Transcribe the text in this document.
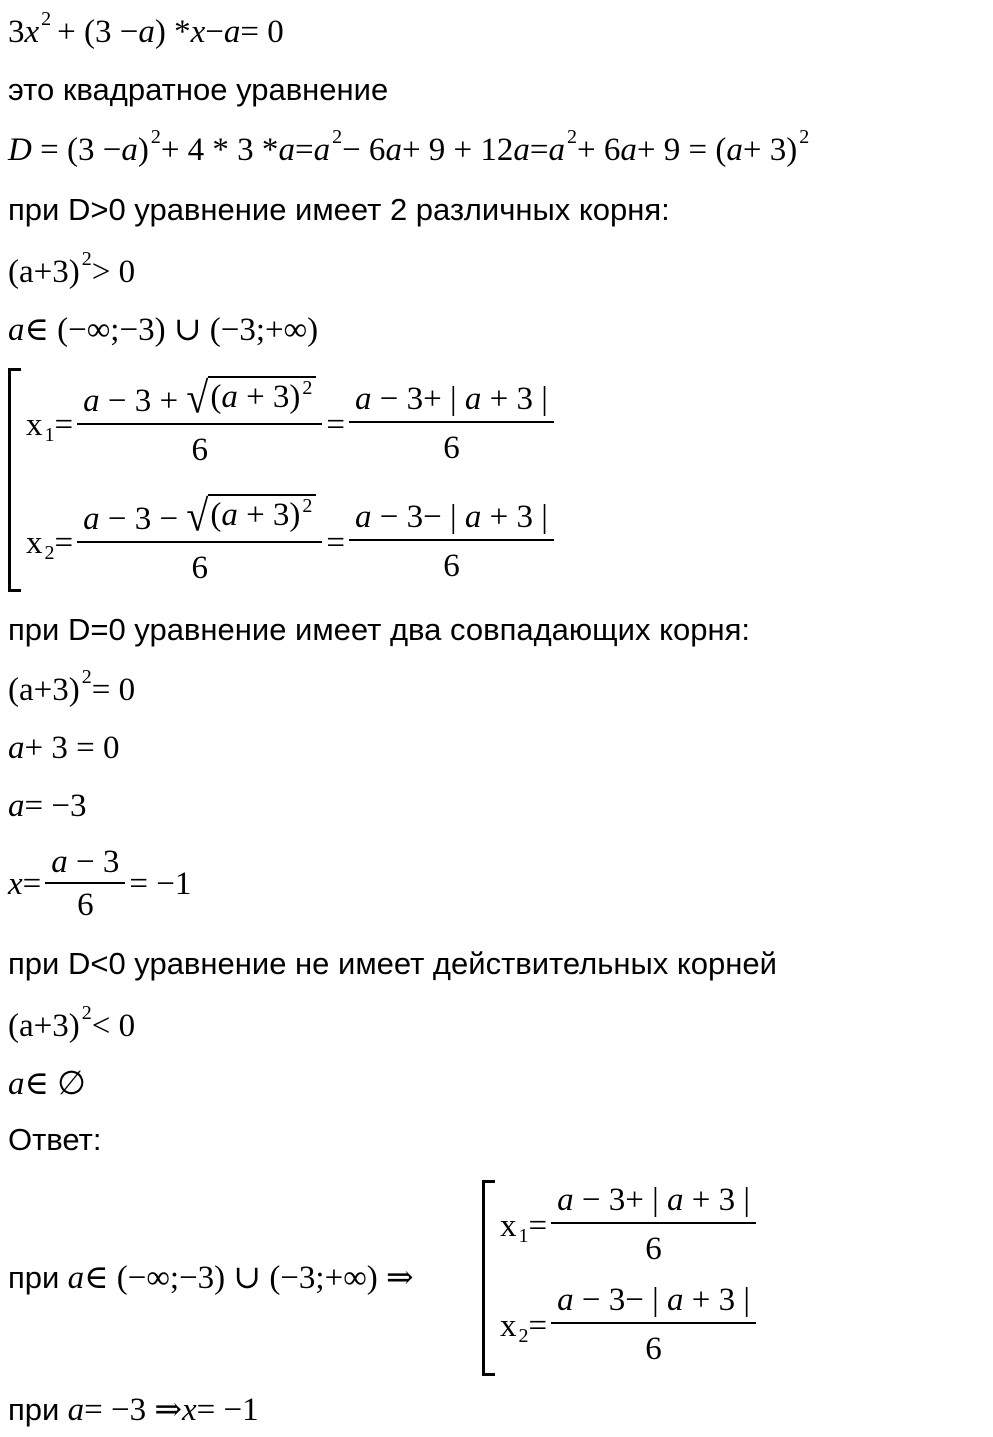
3 x 2 + (3 − a ) * x − a = 0
это квадратное уравнение
D
= (3 − a ) 2 + 4 * 3 * a = a 2 − 6 a + 9 + 12 a = a 2 + 6 a + 9 = ( a + 3) 2
при D>0 уравнение имеет 2 различных корня:
(a+3) 2 > 0
a ∈ (−∞;−3) ∪ (−3;+∞)
x $1 = \frac{a - 3 + √ (a + 3) ^2}{6} = \frac{a - 3+ | a + 3 |}{6}$
x $2 = \frac{a - 3 - √ (a + 3) ^2}{6} = \frac{a - 3- | a + 3 |}{6}$
при D=0 уравнение имеет два совпадающих корня:
(a+3) 2 = 0
a + 3 = 0
a = −3
$x = \frac{a - 3}{6} = -1$
при D<0 уравнение не имеет действительных корней
(a+3) 2 < 0
a ∈ ∅
Ответ:
при
a ∈ (−∞;−3) ∪ (−3;+∞) ⇒
x $1 = \frac{a - 3+ | a + 3 |}{6}$
x $2 = \frac{a - 3- | a + 3 |}{6}$
при
a = −3 ⇒ x = −1
